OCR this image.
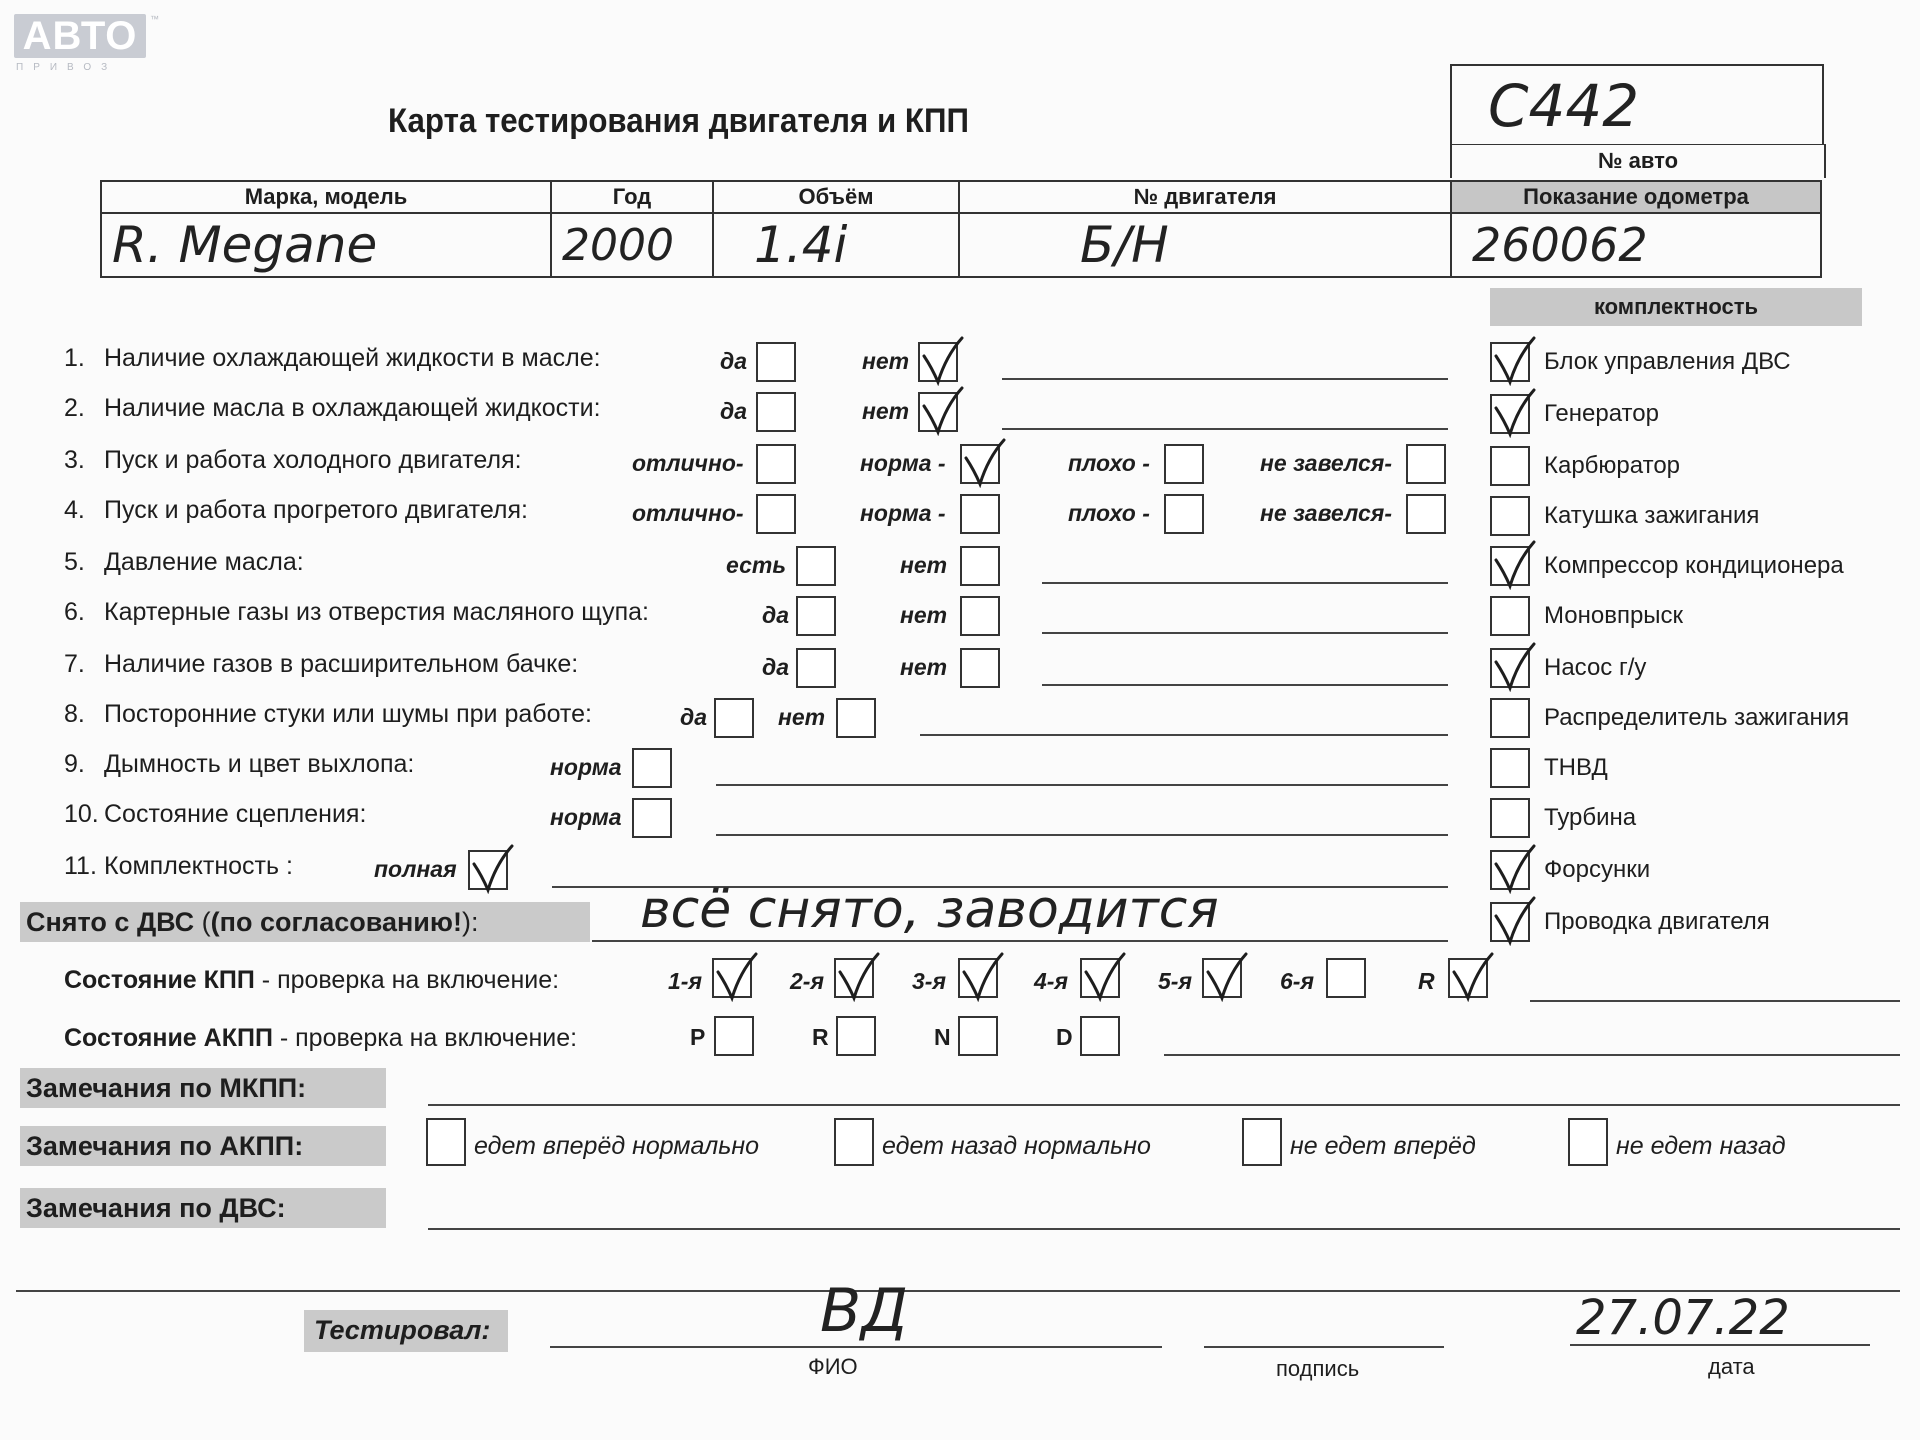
АВТО	™
ПРИВОЗ
Карта тестирования двигателя и КПП	С442
№ авто
Марка, модель	Год	Объём	№ двигателя	Показание одометра
R. Megane	2000	1.4i	Б/Н	260062
комплектность
1. Наличие охлаждающей жидкости в масле:	да	нет
2. Наличие масла в охлаждающей жидкости:	да	нет
3. Пуск и работа холодного двигателя:	отлично-	норма -	плохо -	не завелся-
4. Пуск и работа прогретого двигателя:	отлично-	норма -	плохо -	не завелся-
5. Давление масла:	есть	нет
6. Картерные газы из отверстия масляного щупа:	да	нет
7. Наличие газов в расширительном бачке:	да	нет
8. Посторонние стуки или шумы при работе:	да	нет
9. Дымность и цвет выхлопа:	норма
10. Состояние сцепления:	норма
11. Комплектность :	полная
Блок управления ДВС
Генератор
Карбюратор
Катушка зажигания
Компрессор кондиционера
Моновпрыск
Насос г/у
Распределитель зажигания
ТНВД
Турбина
Форсунки
Проводка двигателя
Снято с ДВС ((по согласованию!):	всё снято, заводится
Состояние КПП - проверка на включение:	1-я	2-я	3-я	4-я	5-я	6-я	R
Состояние АКПП - проверка на включение:	P	R	N	D
Замечания по МКПП:
Замечания по АКПП:	едет вперёд нормально	едет назад нормально	не едет вперёд	не едет назад
Замечания по ДВС:
Тестировал:	ВД	27.07.22
ФИО	подпись	дата
